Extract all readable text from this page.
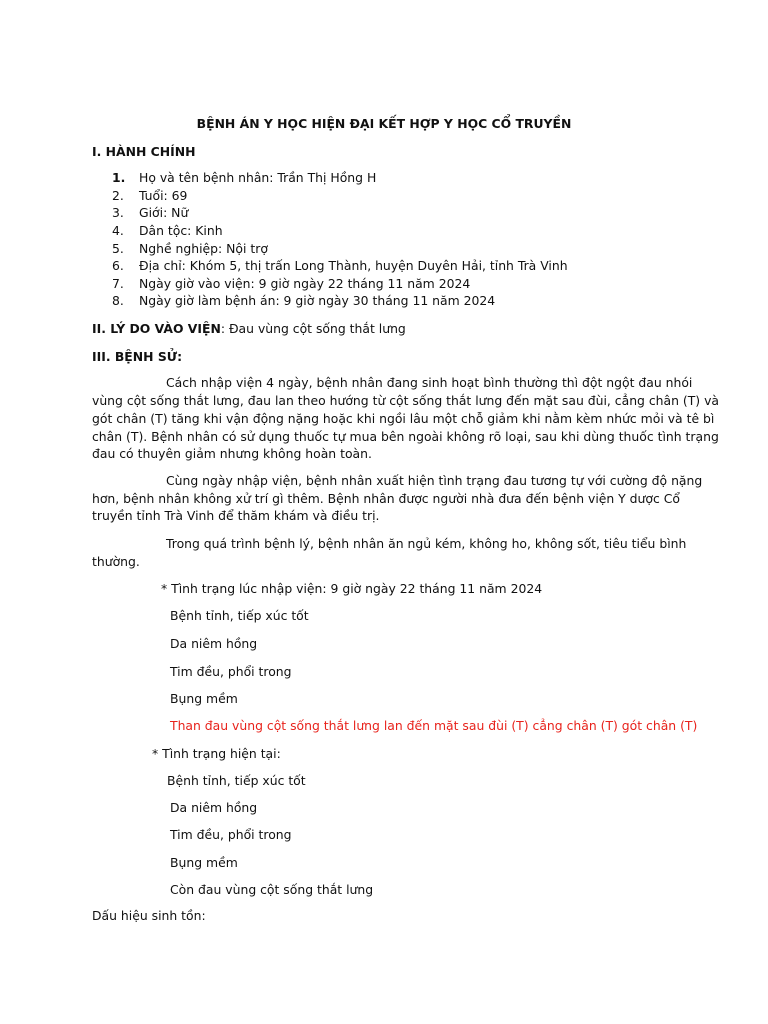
BỆNH ÁN Y HỌC HIỆN ĐẠI KẾT HỢP Y HỌC CỔ TRUYỀN
I. HÀNH CHÍNH
1. Họ và tên bệnh nhân: Trần Thị Hồng H
2. Tuổi: 69
3. Giới: Nữ
4. Dân tộc: Kinh
5. Nghề nghiệp: Nội trợ
6. Địa chỉ: Khóm 5, thị trấn Long Thành, huyện Duyên Hải, tỉnh Trà Vinh
7. Ngày giờ vào viện: 9 giờ ngày 22 tháng 11 năm 2024
8. Ngày giờ làm bệnh án: 9 giờ ngày 30 tháng 11 năm 2024
II. LÝ DO VÀO VIỆN: Đau vùng cột sống thắt lưng
III. BỆNH SỬ:
Cách nhập viện 4 ngày, bệnh nhân đang sinh hoạt bình thường thì đột ngột đau nhói
vùng cột sống thắt lưng, đau lan theo hướng từ cột sống thắt lưng đến mặt sau đùi, cẳng chân (T) và
gót chân (T) tăng khi vận động nặng hoặc khi ngồi lâu một chỗ giảm khi nằm kèm nhức mỏi và tê bì
chân (T). Bệnh nhân có sử dụng thuốc tự mua bên ngoài không rõ loại, sau khi dùng thuốc tình trạng
đau có thuyên giảm nhưng không hoàn toàn.
Cùng ngày nhập viện, bệnh nhân xuất hiện tình trạng đau tương tự với cường độ nặng
hơn, bệnh nhân không xử trí gì thêm. Bệnh nhân được người nhà đưa đến bệnh viện Y dược Cổ
truyền tỉnh Trà Vinh để thăm khám và điều trị.
Trong quá trình bệnh lý, bệnh nhân ăn ngủ kém, không ho, không sốt, tiêu tiểu bình
thường.
* Tình trạng lúc nhập viện: 9 giờ ngày 22 tháng 11 năm 2024
Bệnh tỉnh, tiếp xúc tốt
Da niêm hồng
Tim đều, phổi trong
Bụng mềm
Than đau vùng cột sống thắt lưng lan đến mặt sau đùi (T) cẳng chân (T) gót chân (T)
* Tình trạng hiện tại:
Bệnh tỉnh, tiếp xúc tốt
Da niêm hồng
Tim đều, phổi trong
Bụng mềm
Còn đau vùng cột sống thắt lưng
Dấu hiệu sinh tồn:
